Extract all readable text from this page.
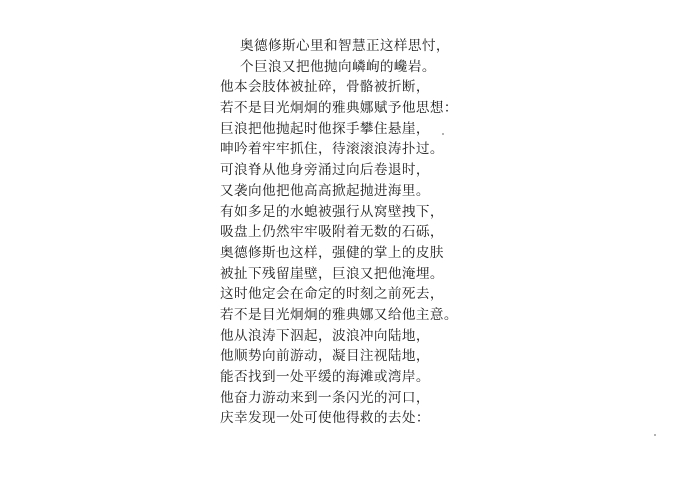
奥德修斯心里和智慧正这样思忖，
个巨浪又把他抛向嶙峋的巉岩。
他本会肢体被扯碎，骨骼被折断，
若不是目光炯炯的雅典娜赋予他思想：
巨浪把他抛起时他探手攀住悬崖，
呻吟着牢牢抓住，待滚滚浪涛扑过。
可浪脊从他身旁涌过向后卷退时，
又袭向他把他高高掀起抛进海里。
有如多足的水螅被强行从窝壁拽下，
吸盘上仍然牢牢吸附着无数的石砾，
奥德修斯也这样，强健的掌上的皮肤
被扯下残留崖壁，巨浪又把他淹埋。
这时他定会在命定的时刻之前死去，
若不是目光炯炯的雅典娜又给他主意。
他从浪涛下泅起，波浪冲向陆地，
他顺势向前游动，凝目注视陆地，
能否找到一处平缓的海滩或湾岸。
他奋力游动来到一条闪光的河口，
庆幸发现一处可使他得救的去处：
